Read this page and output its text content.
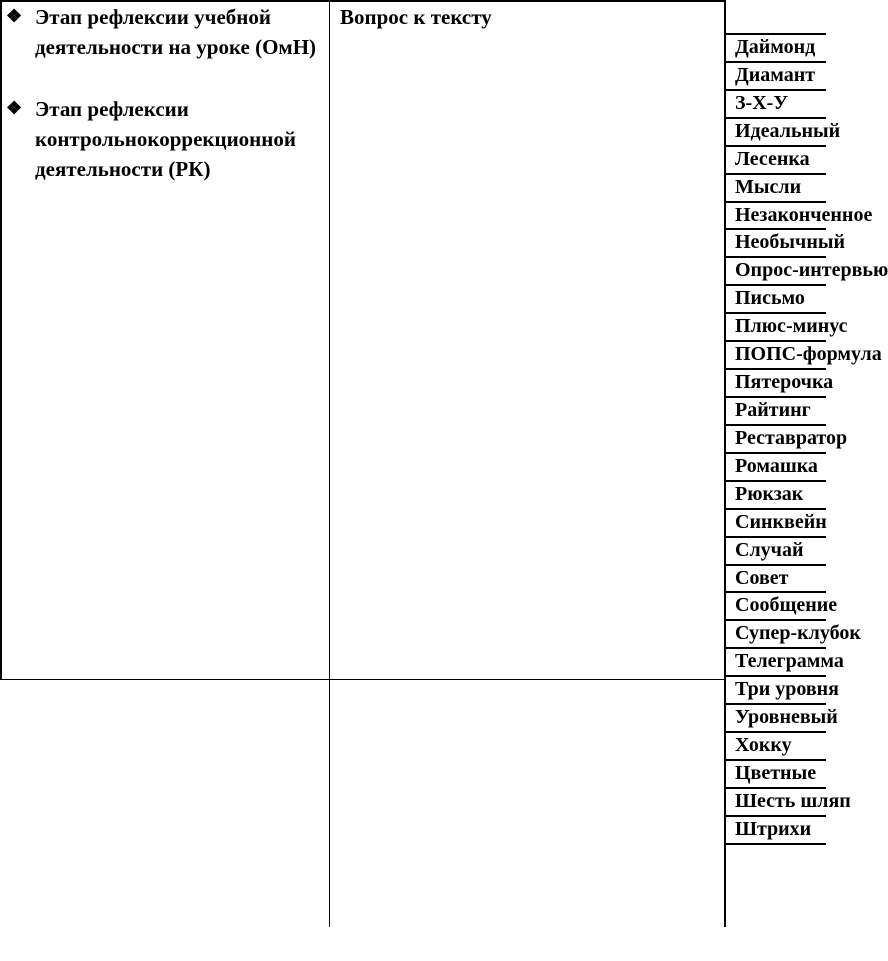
❖ Этап рефлексии учебной деятельности на уроке (ОмН)
❖ Этап рефлексии контрольнокоррекционной деятельности (РК)
Вопрос к тексту
Даймонд
Диамант
З-Х-У
Идеальный
Лесенка
Мысли
Незаконченное
Необычный
Опрос-интервью
Письмо
Плюс-минус
ПОПС-формула
Пятерочка
Райтинг
Реставратор
Ромашка
Рюкзак
Синквейн
Случай
Совет
Сообщение
Супер-клубок
Телеграмма
Три уровня
Уровневый
Хокку
Цветные
Шесть шляп
Штрихи
